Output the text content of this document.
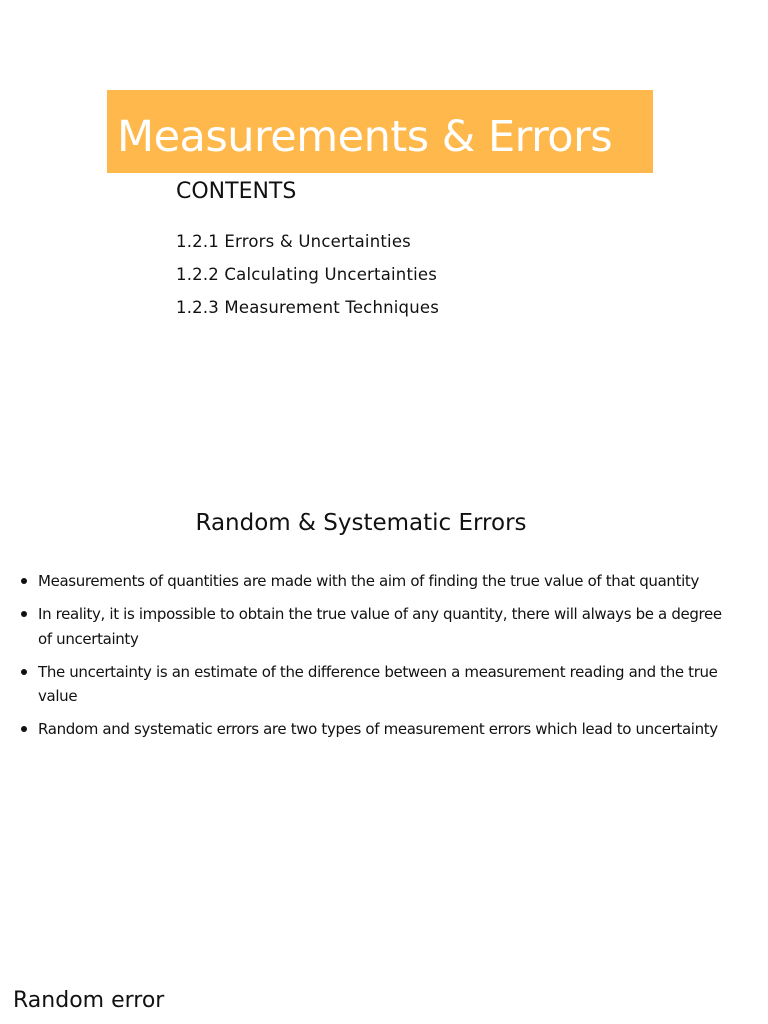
Measurements & Errors
CONTENTS
1.2.1 Errors & Uncertainties
1.2.2 Calculating Uncertainties
1.2.3 Measurement Techniques
Random & Systematic Errors
Measurements of quantities are made with the aim of finding the true value of that quantity
In reality, it is impossible to obtain the true value of any quantity, there will always be a degree of uncertainty
The uncertainty is an estimate of the difference between a measurement reading and the true value
Random and systematic errors are two types of measurement errors which lead to uncertainty
Random error
